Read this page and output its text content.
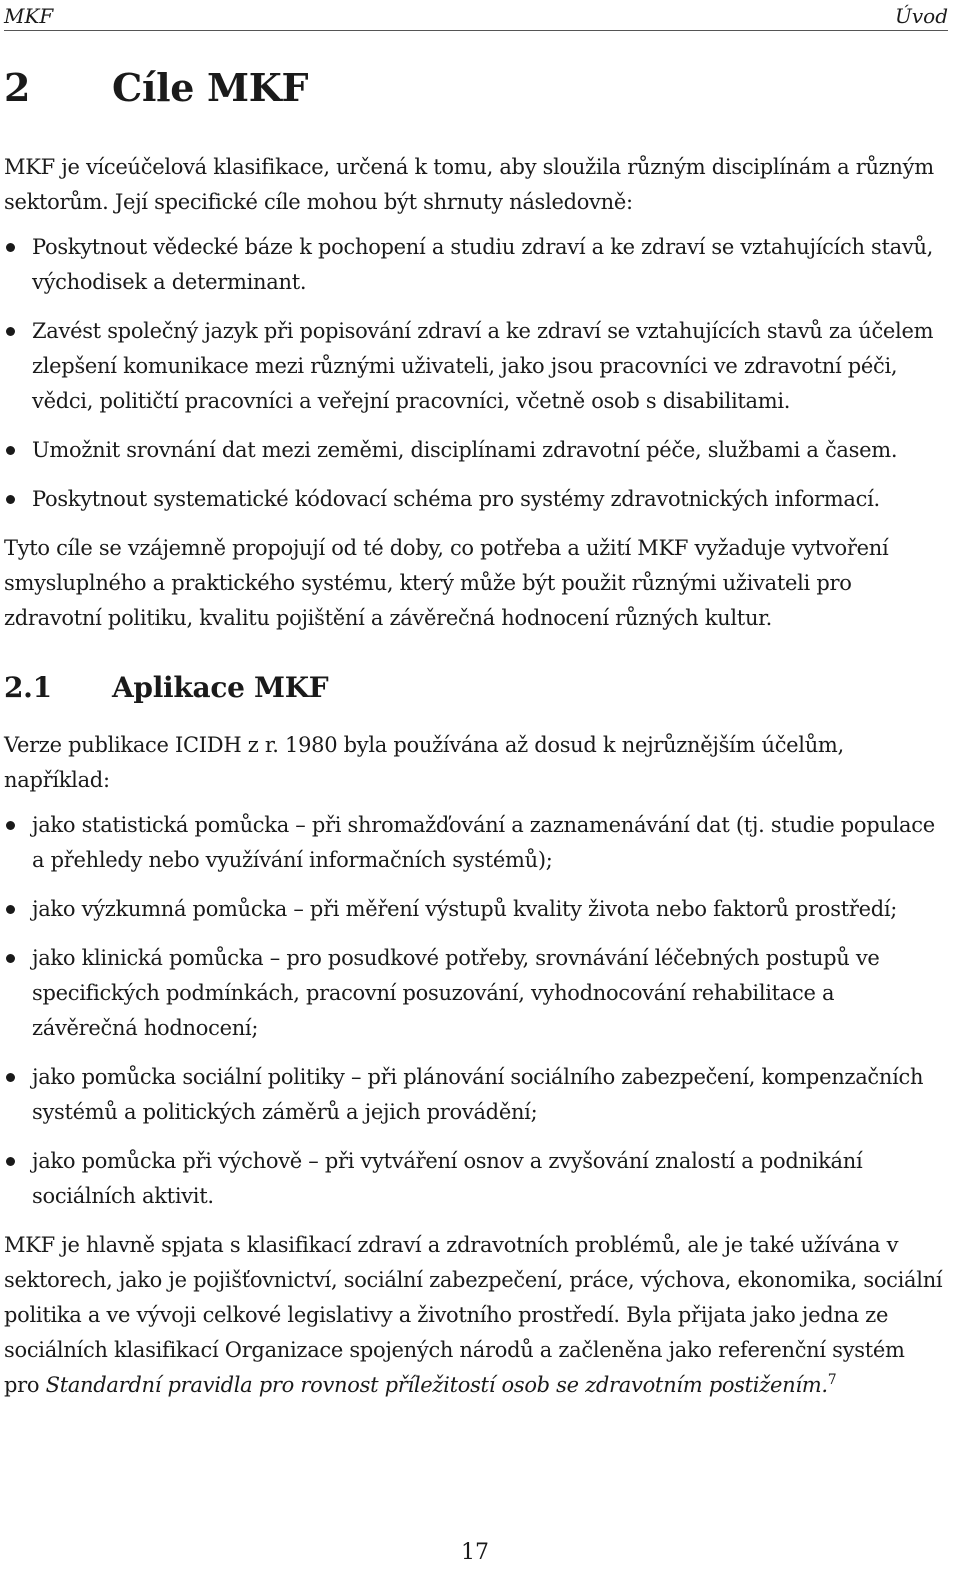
MKF	Úvod
2	Cíle MKF

MKF je víceúčelová klasifikace, určená k tomu, aby sloužila různým disciplínám a různým sektorům. Její specifické cíle mohou být shrnuty následovně:

Poskytnout vědecké báze k pochopení a studiu zdraví a ke zdraví se vztahujících stavů, východisek a determinant.
Zavést společný jazyk při popisování zdraví a ke zdraví se vztahujících stavů za účelem zlepšení komunikace mezi různými uživateli, jako jsou pracovníci ve zdravotní péči, vědci, političtí pracovníci a veřejní pracovníci, včetně osob s disabilitami.
Umožnit srovnání dat mezi zeměmi, disciplínami zdravotní péče, službami a časem.
Poskytnout systematické kódovací schéma pro systémy zdravotnických informací.

Tyto cíle se vzájemně propojují od té doby, co potřeba a užití MKF vyžaduje vytvoření smysluplného a praktického systému, který může být použit různými uživateli pro zdravotní politiku, kvalitu pojištění a závěrečná hodnocení různých kultur.

2.1	Aplikace MKF

Verze publikace ICIDH z r. 1980 byla používána až dosud k nejrůznějším účelům, například:

jako statistická pomůcka – při shromažďování a zaznamenávání dat (tj. studie populace a přehledy nebo využívání informačních systémů);
jako výzkumná pomůcka – při měření výstupů kvality života nebo faktorů prostředí;
jako klinická pomůcka – pro posudkové potřeby, srovnávání léčebných postupů ve specifických podmínkách, pracovní posuzování, vyhodnocování rehabilitace a závěrečná hodnocení;
jako pomůcka sociální politiky – při plánování sociálního zabezpečení, kompenzačních systémů a politických záměrů a jejich provádění;
jako pomůcka při výchově – při vytváření osnov a zvyšování znalostí a podnikání sociálních aktivit.

MKF je hlavně spjata s klasifikací zdraví a zdravotních problémů, ale je také užívána v sektorech, jako je pojišťovnictví, sociální zabezpečení, práce, výchova, ekonomika, sociální politika a ve vývoji celkové legislativy a životního prostředí. Byla přijata jako jedna ze sociálních klasifikací Organizace spojených národů a začleněna jako referenční systém pro Standardní pravidla pro rovnost příležitostí osob se zdravotním postižením.$^7$

17
